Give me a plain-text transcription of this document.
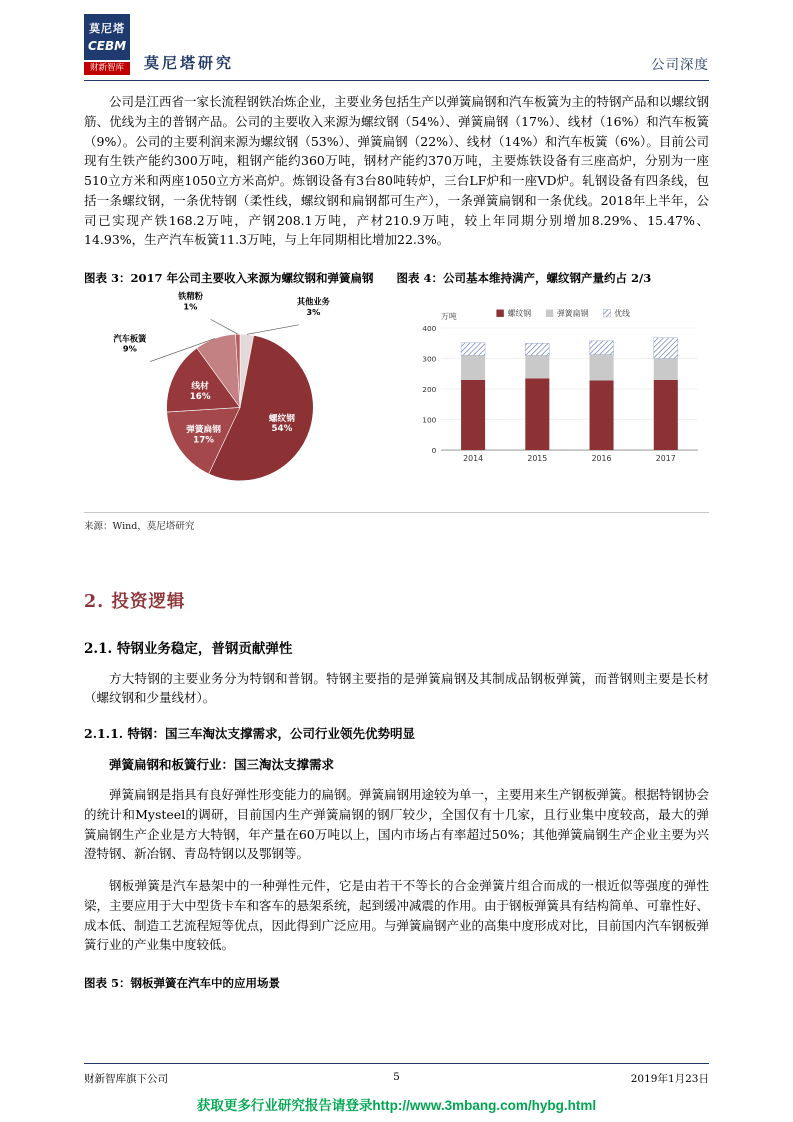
莫尼塔
CEBM
财新智库	莫尼塔研究	公司深度

公司是江西省一家长流程钢铁冶炼企业，主要业务包括生产以弹簧扁钢和汽车板簧为主的特钢产品和以螺纹钢筋、优线为主的普钢产品。公司的主要收入来源为螺纹钢（54%）、弹簧扁钢（17%）、线材（16%）和汽车板簧（9%）。公司的主要利润来源为螺纹钢（53%）、弹簧扁钢（22%）、线材（14%）和汽车板簧（6%）。目前公司现有生铁产能约300万吨，粗钢产能约360万吨，钢材产能约370万吨，主要炼铁设备有三座高炉，分别为一座510立方米和两座1050立方米高炉。炼钢设备有3台80吨转炉，三台LF炉和一座VD炉。轧钢设备有四条线，包括一条螺纹钢，一条优特钢（柔性线，螺纹钢和扁钢都可生产），一条弹簧扁钢和一条优线。2018年上半年，公司已实现产铁168.2万吨，产钢208.1万吨，产材210.9万吨，较上年同期分别增加8.29%、15.47%、14.93%，生产汽车板簧11.3万吨，与上年同期相比增加22.3%。

图表 3：2017 年公司主要收入来源为螺纹钢和弹簧扁钢	图表 4：公司基本维持满产，螺纹钢产量约占 2/3
其他业务 3%
螺纹钢 54%
弹簧扁钢 17%
线材 16%
汽车板簧 9%
铁精粉 1%
0
100
200
300
400
万吨	螺纹钢	弹簧扁钢	优线
2014	2015	2016	2017
来源：Wind，莫尼塔研究
2. 投资逻辑
2.1. 特钢业务稳定，普钢贡献弹性

方大特钢的主要业务分为特钢和普钢。特钢主要指的是弹簧扁钢及其制成品钢板弹簧，而普钢则主要是长材（螺纹钢和少量线材）。

2.1.1. 特钢：国三车淘汰支撑需求，公司行业领先优势明显

弹簧扁钢和板簧行业：国三淘汰支撑需求

弹簧扁钢是指具有良好弹性形变能力的扁钢。弹簧扁钢用途较为单一，主要用来生产钢板弹簧。根据特钢协会的统计和Mysteel的调研，目前国内生产弹簧扁钢的钢厂较少，全国仅有十几家，且行业集中度较高，最大的弹簧扁钢生产企业是方大特钢，年产量在60万吨以上，国内市场占有率超过50%；其他弹簧扁钢生产企业主要为兴澄特钢、新冶钢、青岛特钢以及鄂钢等。

钢板弹簧是汽车悬架中的一种弹性元件，它是由若干不等长的合金弹簧片组合而成的一根近似等强度的弹性梁，主要应用于大中型货卡车和客车的悬架系统，起到缓冲减震的作用。由于钢板弹簧具有结构简单、可靠性好、成本低、制造工艺流程短等优点，因此得到广泛应用。与弹簧扁钢产业的高集中度形成对比，目前国内汽车钢板弹簧行业的产业集中度较低。

图表 5：钢板弹簧在汽车中的应用场景
财新智库旗下公司	5	2019年1月23日
获取更多行业研究报告请登录http://www.3mbang.com/hybg.html
